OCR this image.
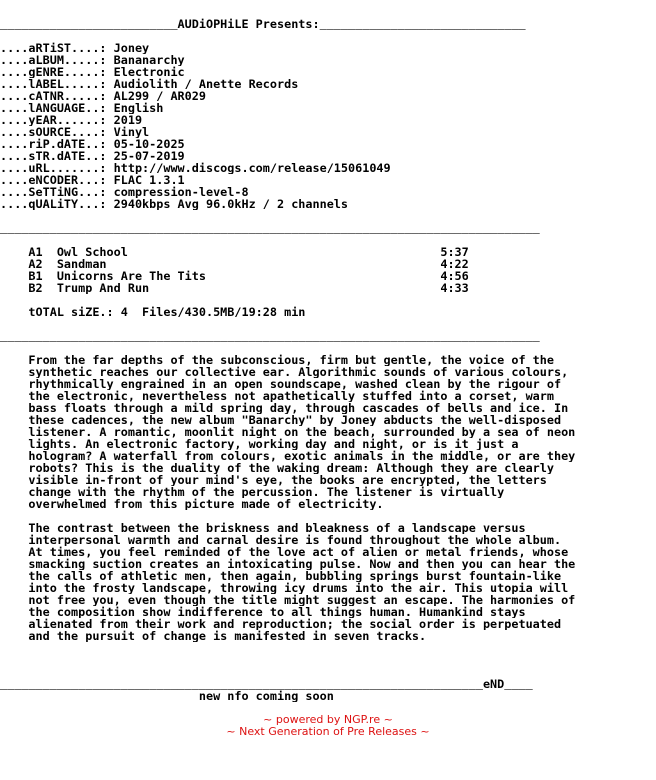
_________________________AUDiOPHiLE Presents:_____________________________
....aRTiST....: Joney
....aLBUM.....: Bananarchy
....gENRE.....: Electronic
....lABEL.....: Audiolith / Anette Records
....cATNR.....: AL299 / AR029
....lANGUAGE..: English
....yEAR......: 2019
....sOURCE....: Vinyl
....riP.dATE..: 05-10-2025
....sTR.dATE..: 25-07-2019
....uRL.......: http://www.discogs.com/release/15061049
....eNCODER...: FLAC 1.3.1
....SeTTiNG...: compression-level-8
....qUALiTY...: 2940kbps Avg 96.0kHz / 2 channels
____________________________________________________________________________
A1  Owl School                                            5:37
A2  Sandman                                               4:22
B1  Unicorns Are The Tits                                 4:56
B2  Trump And Run                                         4:33
tOTAL siZE.: 4  Files/430.5MB/19:28 min
____________________________________________________________________________
From the far depths of the subconscious, firm but gentle, the voice of the
synthetic reaches our collective ear. Algorithmic sounds of various colours,
rhythmically engrained in an open soundscape, washed clean by the rigour of
the electronic, nevertheless not apathetically stuffed into a corset, warm
bass floats through a mild spring day, through cascades of bells and ice. In
these cadences, the new album "Banarchy" by Joney abducts the well-disposed
listener. A romantic, moonlit night on the beach, surrounded by a sea of neon
lights. An electronic factory, working day and night, or is it just a
hologram? A waterfall from colours, exotic animals in the middle, or are they
robots? This is the duality of the waking dream: Although they are clearly
visible in-front of your mind's eye, the books are encrypted, the letters
change with the rhythm of the percussion. The listener is virtually
overwhelmed from this picture made of electricity.
The contrast between the briskness and bleakness of a landscape versus
interpersonal warmth and carnal desire is found throughout the whole album.
At times, you feel reminded of the love act of alien or metal friends, whose
smacking suction creates an intoxicating pulse. Now and then you can hear the
the calls of athletic men, then again, bubbling springs burst fountain-like
into the frosty landscape, throwing icy drums into the air. This utopia will
not free you, even though the title might suggest an escape. The harmonies of
the composition show indifference to all things human. Humankind stays
alienated from their work and reproduction; the social order is perpetuated
and the pursuit of change is manifested in seven tracks.
____________________________________________________________________eND____
new nfo coming soon
~ powered by NGP.re ~
~ Next Generation of Pre Releases ~
